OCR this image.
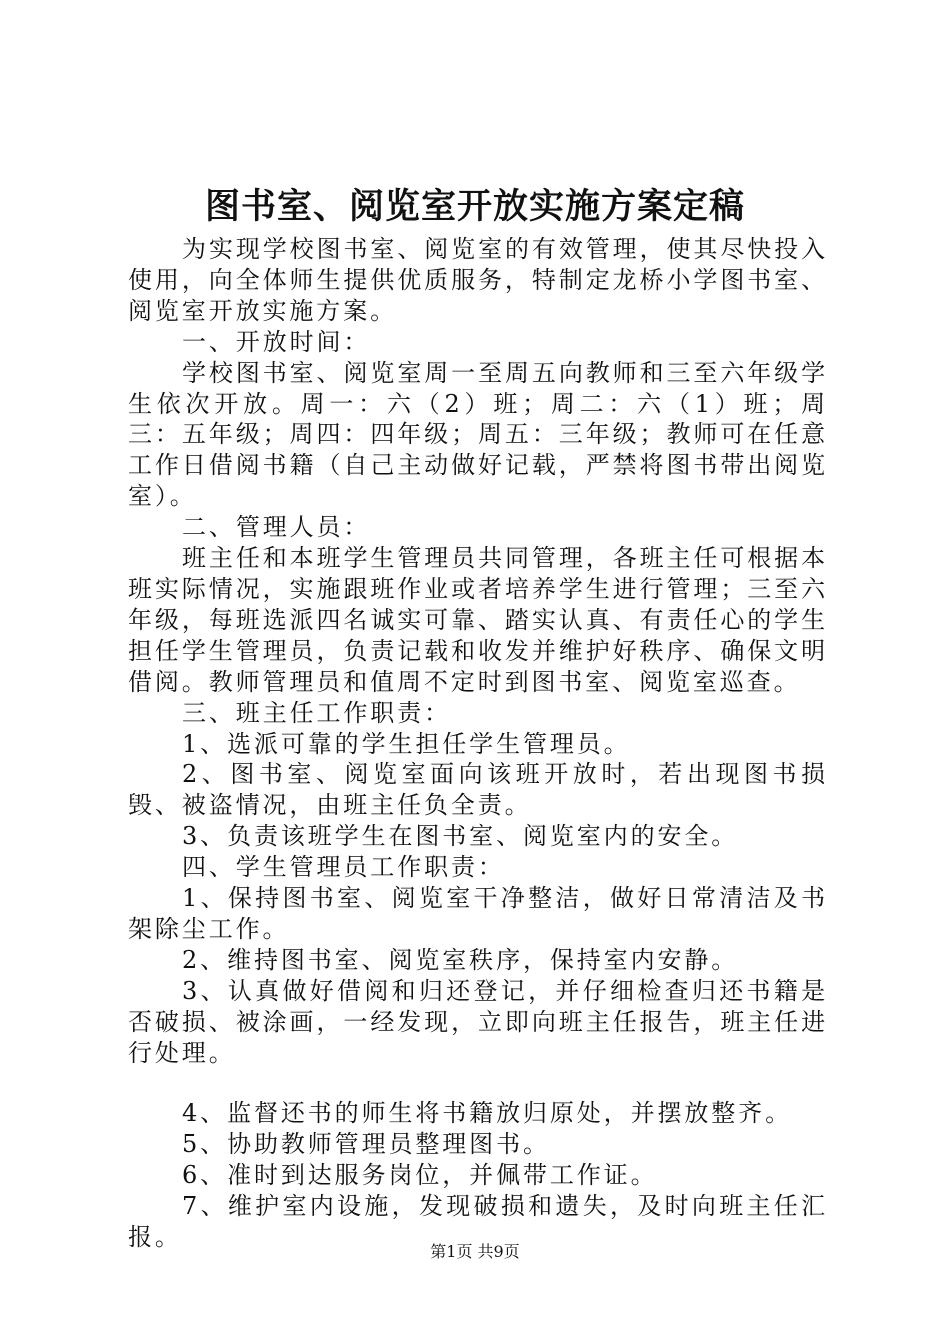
图书室、阅览室开放实施方案定稿

为实现学校图书室、阅览室的有效管理，使其尽快投入使用，向全体师生提供优质服务，特制定龙桥小学图书室、阅览室开放实施方案。

一、开放时间：

学校图书室、阅览室周一至周五向教师和三至六年级学生依次开放。周一：六（2）班；周二：六（1）班；周三：五年级；周四：四年级；周五：三年级；教师可在任意工作日借阅书籍（自己主动做好记载，严禁将图书带出阅览室）。

二、管理人员：

班主任和本班学生管理员共同管理，各班主任可根据本班实际情况，实施跟班作业或者培养学生进行管理；三至六年级，每班选派四名诚实可靠、踏实认真、有责任心的学生担任学生管理员，负责记载和收发并维护好秩序、确保文明借阅。教师管理员和值周不定时到图书室、阅览室巡查。

三、班主任工作职责：

1、选派可靠的学生担任学生管理员。

2、图书室、阅览室面向该班开放时，若出现图书损毁、被盗情况，由班主任负全责。

3、负责该班学生在图书室、阅览室内的安全。

四、学生管理员工作职责：

1、保持图书室、阅览室干净整洁，做好日常清洁及书架除尘工作。

2、维持图书室、阅览室秩序，保持室内安静。

3、认真做好借阅和归还登记，并仔细检查归还书籍是否破损、被涂画，一经发现，立即向班主任报告，班主任进行处理。

4、监督还书的师生将书籍放归原处，并摆放整齐。

5、协助教师管理员整理图书。

6、准时到达服务岗位，并佩带工作证。

7、维护室内设施，发现破损和遗失，及时向班主任汇报。

第1页 共9页
